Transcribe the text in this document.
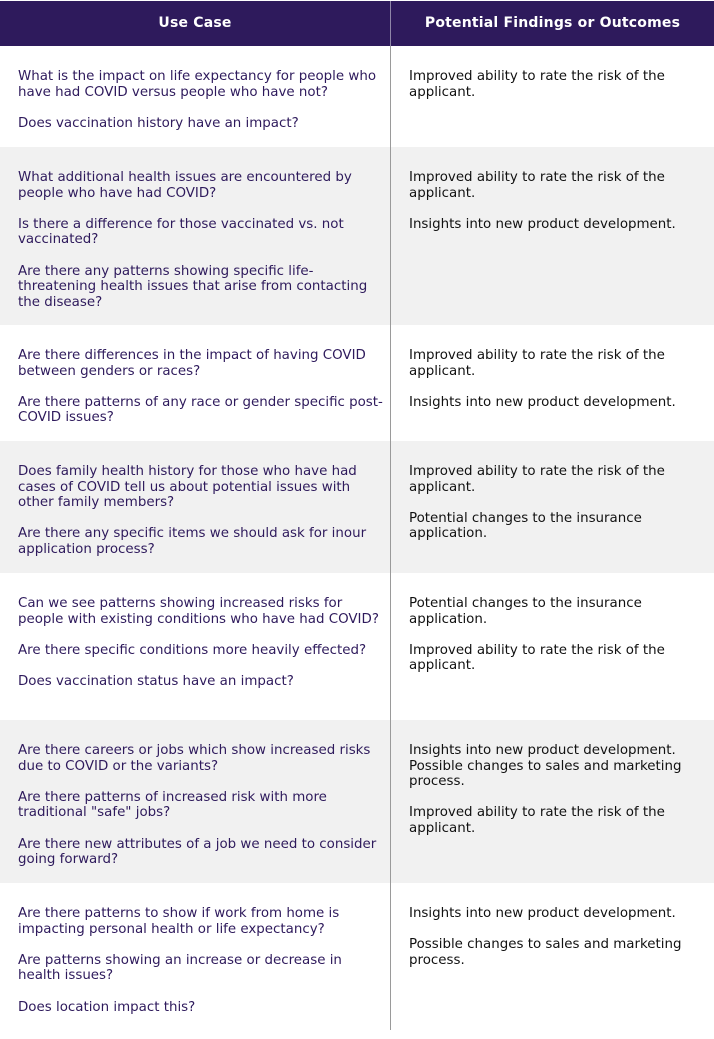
Use Case	Potential Findings or Outcomes

What is the impact on life expectancy for people who have had COVID versus people who have not?

Does vaccination history have an impact?

Improved ability to rate the risk of the applicant.

What additional health issues are encountered by people who have had COVID?

Is there a difference for those vaccinated vs. not vaccinated?

Are there any patterns showing specific life-threatening health issues that arise from contacting the disease?

Improved ability to rate the risk of the applicant.

Insights into new product development.

Are there differences in the impact of having COVID between genders or races?

Are there patterns of any race or gender specific post-COVID issues?

Improved ability to rate the risk of the applicant.

Insights into new product development.

Does family health history for those who have had cases of COVID tell us about potential issues with other family members?

Are there any specific items we should ask for inour application process?

Improved ability to rate the risk of the applicant.

Potential changes to the insurance application.

Can we see patterns showing increased risks for people with existing conditions who have had COVID?

Are there specific conditions more heavily effected?

Does vaccination status have an impact?

Potential changes to the insurance application.

Improved ability to rate the risk of the applicant.

Are there careers or jobs which show increased risks due to COVID or the variants?

Are there patterns of increased risk with more traditional "safe" jobs?

Are there new attributes of a job we need to consider going forward?

Insights into new product development. Possible changes to sales and marketing process.

Improved ability to rate the risk of the applicant.

Are there patterns to show if work from home is impacting personal health or life expectancy?

Are patterns showing an increase or decrease in health issues?

Does location impact this?

Insights into new product development.

Possible changes to sales and marketing process.
